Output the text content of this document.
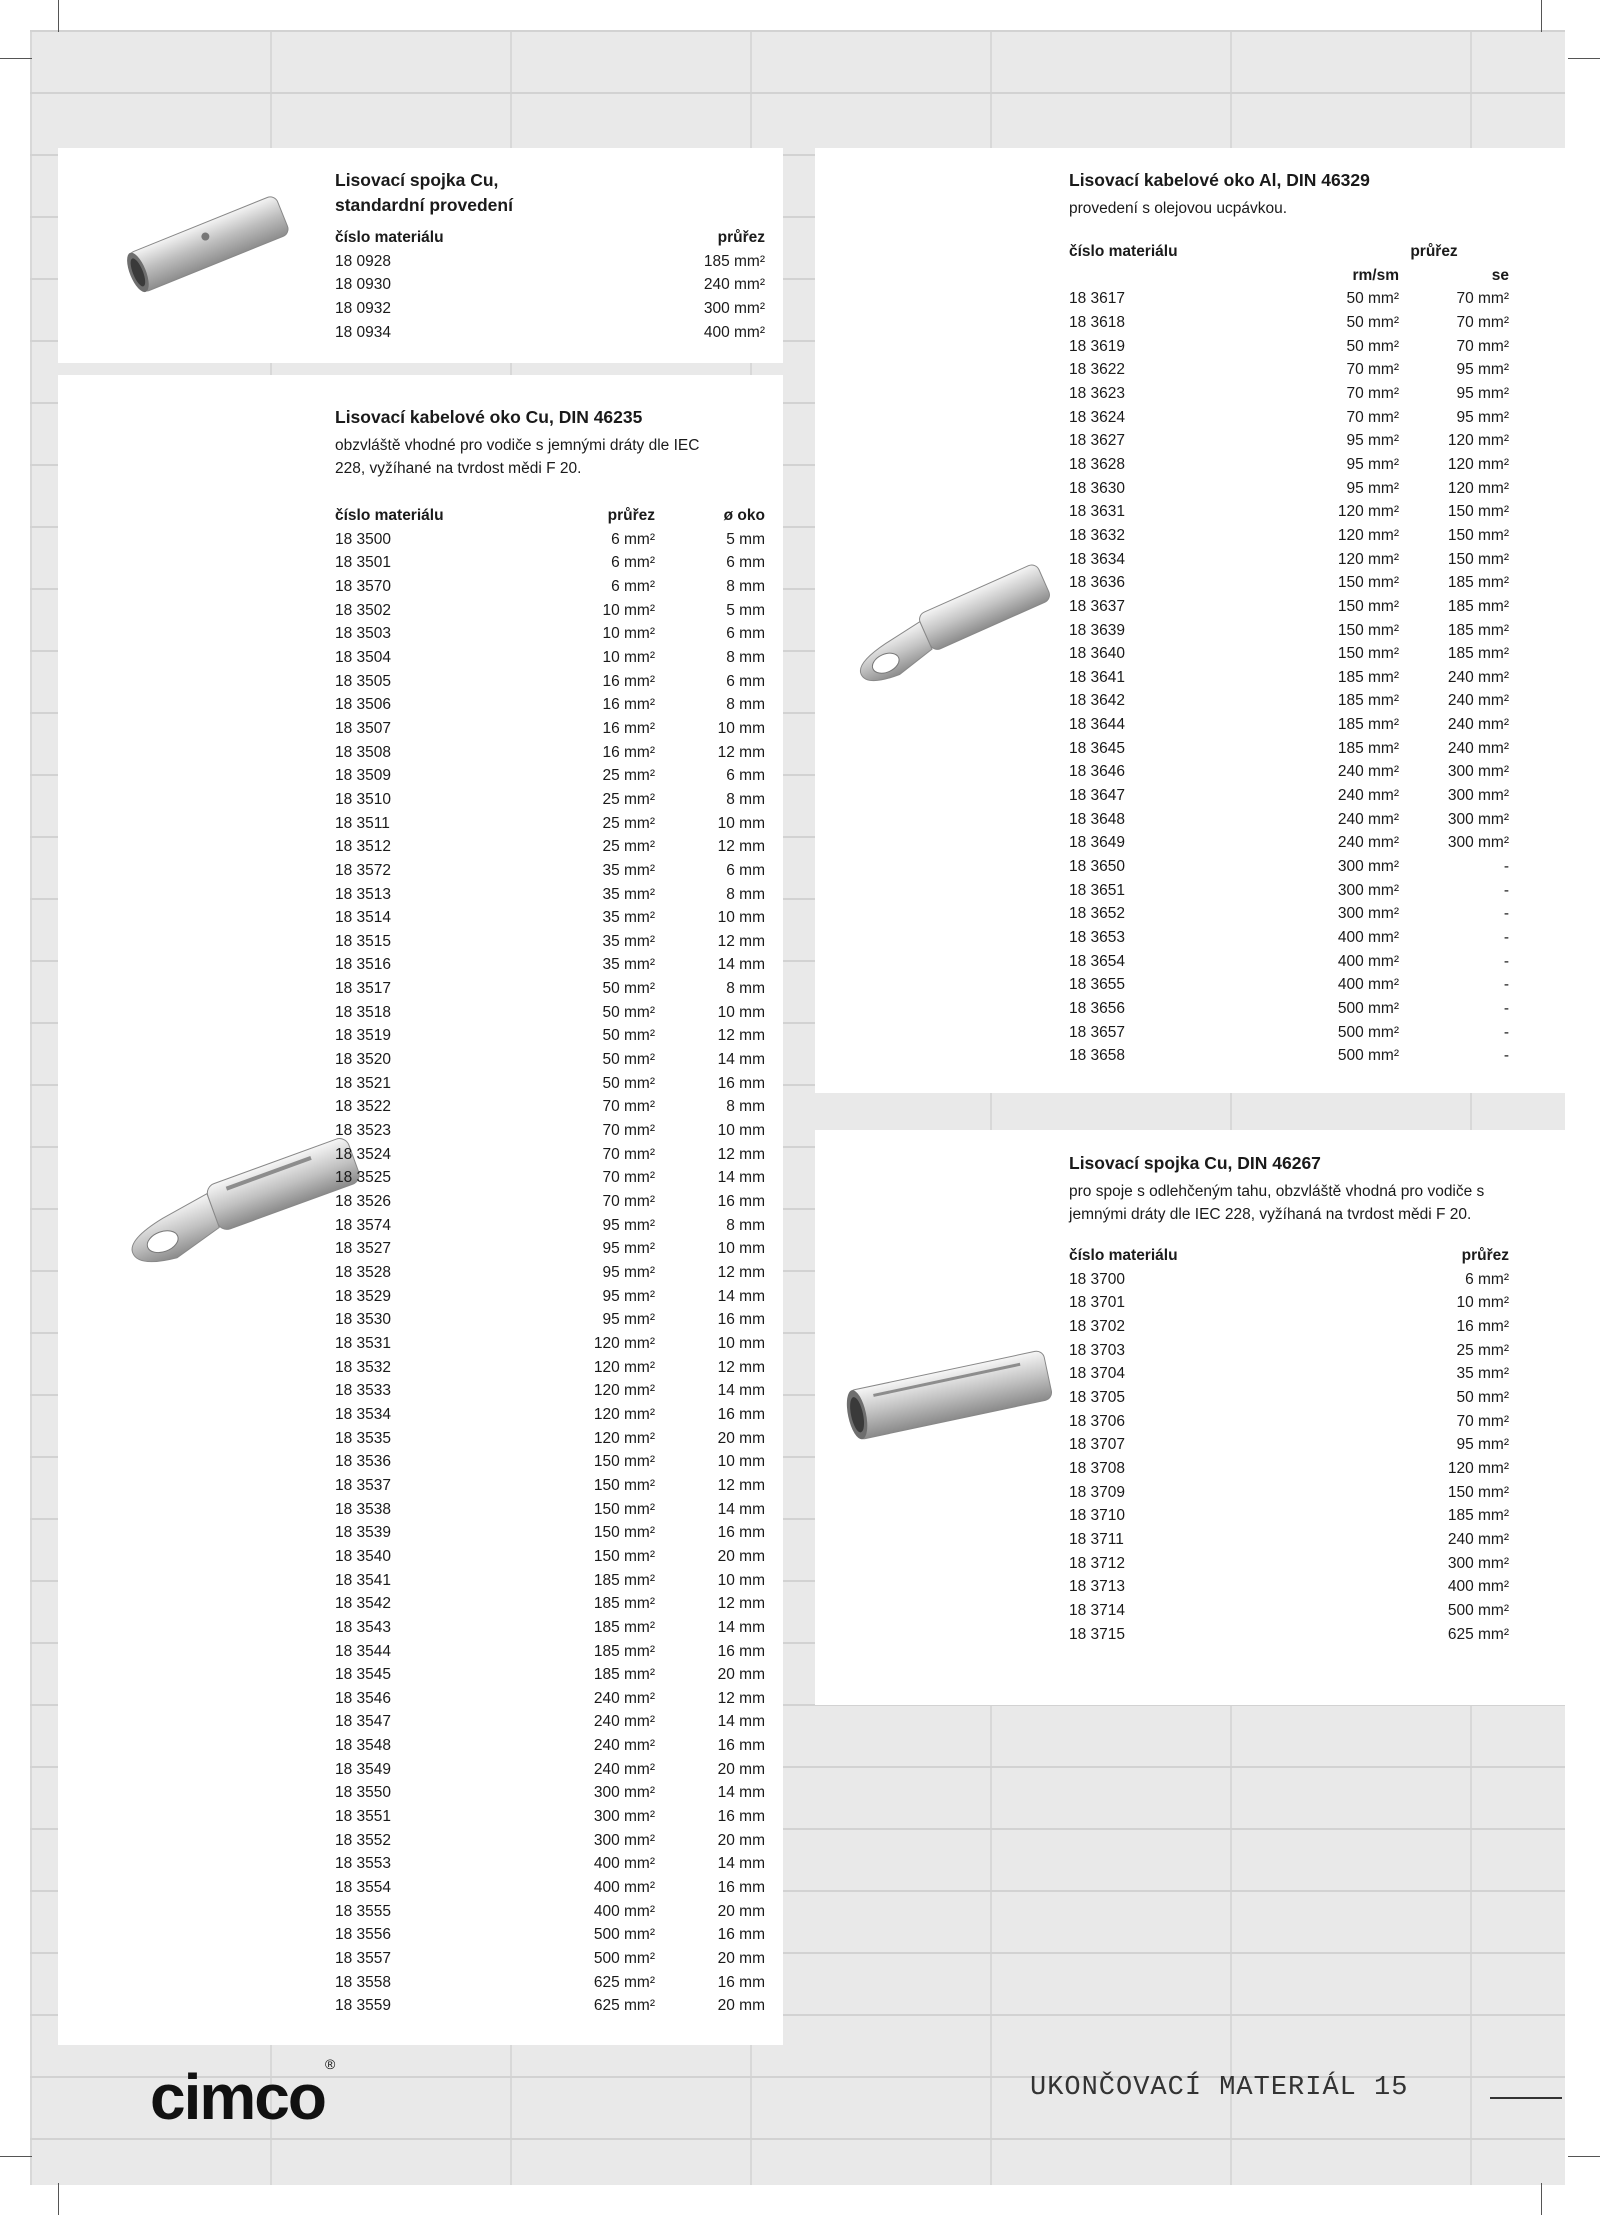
Lisovací spojka Cu, standardní provedení

číslo materiálu	průřez
18 0928	185 mm²
18 0930	240 mm²
18 0932	300 mm²
18 0934	400 mm²

Lisovací kabelové oko Cu, DIN 46235

obzvláště vhodné pro vodiče s jemnými dráty dle IEC 228, vyžíhané na tvrdost mědi F 20.

číslo materiálu	průřez	ø oko
18 3500	6 mm²	5 mm
18 3501	6 mm²	6 mm
18 3570	6 mm²	8 mm
18 3502	10 mm²	5 mm
18 3503	10 mm²	6 mm
18 3504	10 mm²	8 mm
18 3505	16 mm²	6 mm
18 3506	16 mm²	8 mm
18 3507	16 mm²	10 mm
18 3508	16 mm²	12 mm
18 3509	25 mm²	6 mm
18 3510	25 mm²	8 mm
18 3511	25 mm²	10 mm
18 3512	25 mm²	12 mm
18 3572	35 mm²	6 mm
18 3513	35 mm²	8 mm
18 3514	35 mm²	10 mm
18 3515	35 mm²	12 mm
18 3516	35 mm²	14 mm
18 3517	50 mm²	8 mm
18 3518	50 mm²	10 mm
18 3519	50 mm²	12 mm
18 3520	50 mm²	14 mm
18 3521	50 mm²	16 mm
18 3522	70 mm²	8 mm
18 3523	70 mm²	10 mm
18 3524	70 mm²	12 mm
18 3525	70 mm²	14 mm
18 3526	70 mm²	16 mm
18 3574	95 mm²	8 mm
18 3527	95 mm²	10 mm
18 3528	95 mm²	12 mm
18 3529	95 mm²	14 mm
18 3530	95 mm²	16 mm
18 3531	120 mm²	10 mm
18 3532	120 mm²	12 mm
18 3533	120 mm²	14 mm
18 3534	120 mm²	16 mm
18 3535	120 mm²	20 mm
18 3536	150 mm²	10 mm
18 3537	150 mm²	12 mm
18 3538	150 mm²	14 mm
18 3539	150 mm²	16 mm
18 3540	150 mm²	20 mm
18 3541	185 mm²	10 mm
18 3542	185 mm²	12 mm
18 3543	185 mm²	14 mm
18 3544	185 mm²	16 mm
18 3545	185 mm²	20 mm
18 3546	240 mm²	12 mm
18 3547	240 mm²	14 mm
18 3548	240 mm²	16 mm
18 3549	240 mm²	20 mm
18 3550	300 mm²	14 mm
18 3551	300 mm²	16 mm
18 3552	300 mm²	20 mm
18 3553	400 mm²	14 mm
18 3554	400 mm²	16 mm
18 3555	400 mm²	20 mm
18 3556	500 mm²	16 mm
18 3557	500 mm²	20 mm
18 3558	625 mm²	16 mm
18 3559	625 mm²	20 mm

Lisovací kabelové oko Al, DIN 46329

provedení s olejovou ucpávkou.

číslo materiálu	průřez	
	rm/sm	se
18 3617	50 mm²	70 mm²
18 3618	50 mm²	70 mm²
18 3619	50 mm²	70 mm²
18 3622	70 mm²	95 mm²
18 3623	70 mm²	95 mm²
18 3624	70 mm²	95 mm²
18 3627	95 mm²	120 mm²
18 3628	95 mm²	120 mm²
18 3630	95 mm²	120 mm²
18 3631	120 mm²	150 mm²
18 3632	120 mm²	150 mm²
18 3634	120 mm²	150 mm²
18 3636	150 mm²	185 mm²
18 3637	150 mm²	185 mm²
18 3639	150 mm²	185 mm²
18 3640	150 mm²	185 mm²
18 3641	185 mm²	240 mm²
18 3642	185 mm²	240 mm²
18 3644	185 mm²	240 mm²
18 3645	185 mm²	240 mm²
18 3646	240 mm²	300 mm²
18 3647	240 mm²	300 mm²
18 3648	240 mm²	300 mm²
18 3649	240 mm²	300 mm²
18 3650	300 mm²	-
18 3651	300 mm²	-
18 3652	300 mm²	-
18 3653	400 mm²	-
18 3654	400 mm²	-
18 3655	400 mm²	-
18 3656	500 mm²	-
18 3657	500 mm²	-
18 3658	500 mm²	-

Lisovací spojka Cu, DIN 46267

pro spoje s odlehčeným tahu, obzvláště vhodná pro vodiče s jemnými dráty dle IEC 228, vyžíhaná na tvrdost mědi F 20.

číslo materiálu	průřez
18 3700	6 mm²
18 3701	10 mm²
18 3702	16 mm²
18 3703	25 mm²
18 3704	35 mm²
18 3705	50 mm²
18 3706	70 mm²
18 3707	95 mm²
18 3708	120 mm²
18 3709	150 mm²
18 3710	185 mm²
18 3711	240 mm²
18 3712	300 mm²
18 3713	400 mm²
18 3714	500 mm²
18 3715	625 mm²
cimco®
UKONČOVACÍ MATERIÁL 15
